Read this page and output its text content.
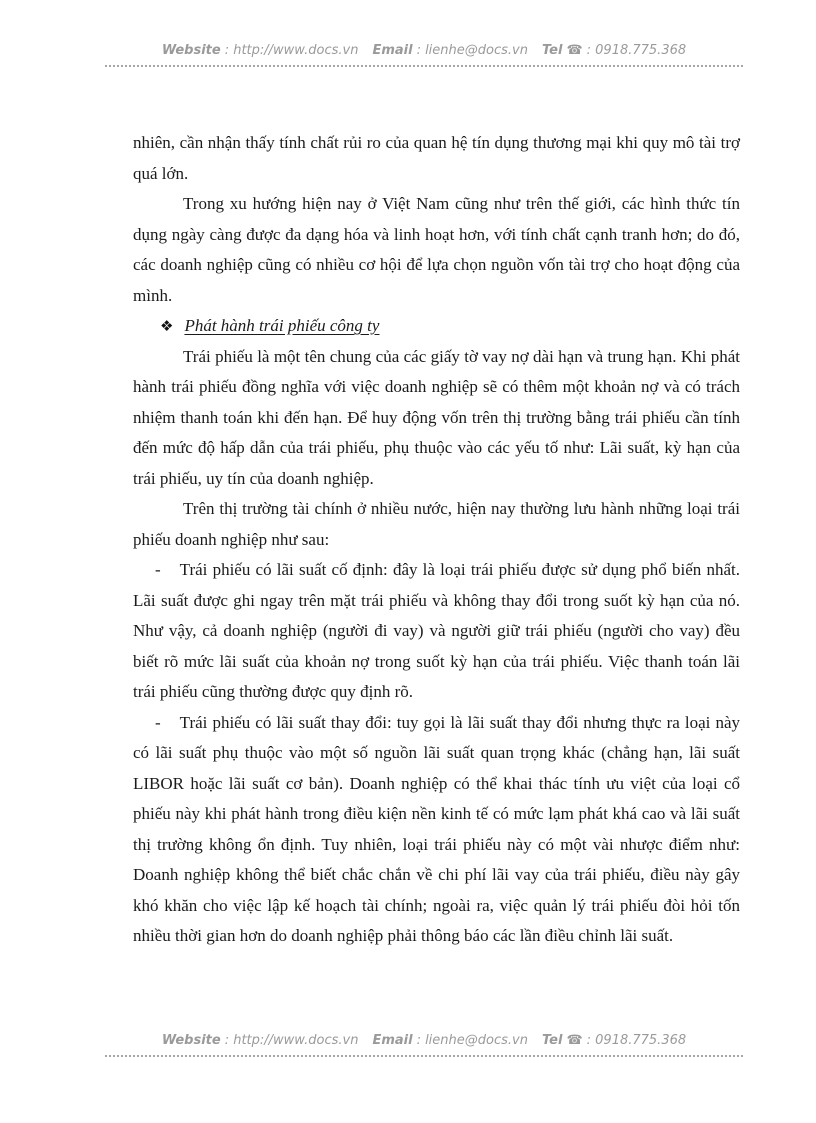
Website : http://www.docs.vn Email : lienhe@docs.vn Tel ☎ : 0918.775.368

nhiên, cần nhận thấy tính chất rủi ro của quan hệ tín dụng thương mại khi quy mô tài trợ quá lớn.

Trong xu hướng hiện nay ở Việt Nam cũng như trên thế giới, các hình thức tín dụng ngày càng được đa dạng hóa và linh hoạt hơn, với tính chất cạnh tranh hơn; do đó, các doanh nghiệp cũng có nhiều cơ hội để lựa chọn nguồn vốn tài trợ cho hoạt động của mình.

❖ Phát hành trái phiếu công ty

Trái phiếu là một tên chung của các giấy tờ vay nợ dài hạn và trung hạn. Khi phát hành trái phiếu đồng nghĩa với việc doanh nghiệp sẽ có thêm một khoản nợ và có trách nhiệm thanh toán khi đến hạn. Để huy động vốn trên thị trường bằng trái phiếu cần tính đến mức độ hấp dẫn của trái phiếu, phụ thuộc vào các yếu tố như: Lãi suất, kỳ hạn của trái phiếu, uy tín của doanh nghiệp.

Trên thị trường tài chính ở nhiều nước, hiện nay thường lưu hành những loại trái phiếu doanh nghiệp như sau:

- Trái phiếu có lãi suất cố định: đây là loại trái phiếu được sử dụng phổ biến nhất. Lãi suất được ghi ngay trên mặt trái phiếu và không thay đổi trong suốt kỳ hạn của nó. Như vậy, cả doanh nghiệp (người đi vay) và người giữ trái phiếu (người cho vay) đều biết rõ mức lãi suất của khoản nợ trong suốt kỳ hạn của trái phiếu. Việc thanh toán lãi trái phiếu cũng thường được quy định rõ.

- Trái phiếu có lãi suất thay đổi: tuy gọi là lãi suất thay đổi nhưng thực ra loại này có lãi suất phụ thuộc vào một số nguồn lãi suất quan trọng khác (chẳng hạn, lãi suất LIBOR hoặc lãi suất cơ bản). Doanh nghiệp có thể khai thác tính ưu việt của loại cổ phiếu này khi phát hành trong điều kiện nền kinh tế có mức lạm phát khá cao và lãi suất thị trường không ổn định. Tuy nhiên, loại trái phiếu này có một vài nhược điểm như: Doanh nghiệp không thể biết chắc chắn về chi phí lãi vay của trái phiếu, điều này gây khó khăn cho việc lập kế hoạch tài chính; ngoài ra, việc quản lý trái phiếu đòi hỏi tốn nhiều thời gian hơn do doanh nghiệp phải thông báo các lần điều chỉnh lãi suất.

Website : http://www.docs.vn Email : lienhe@docs.vn Tel ☎ : 0918.775.368
